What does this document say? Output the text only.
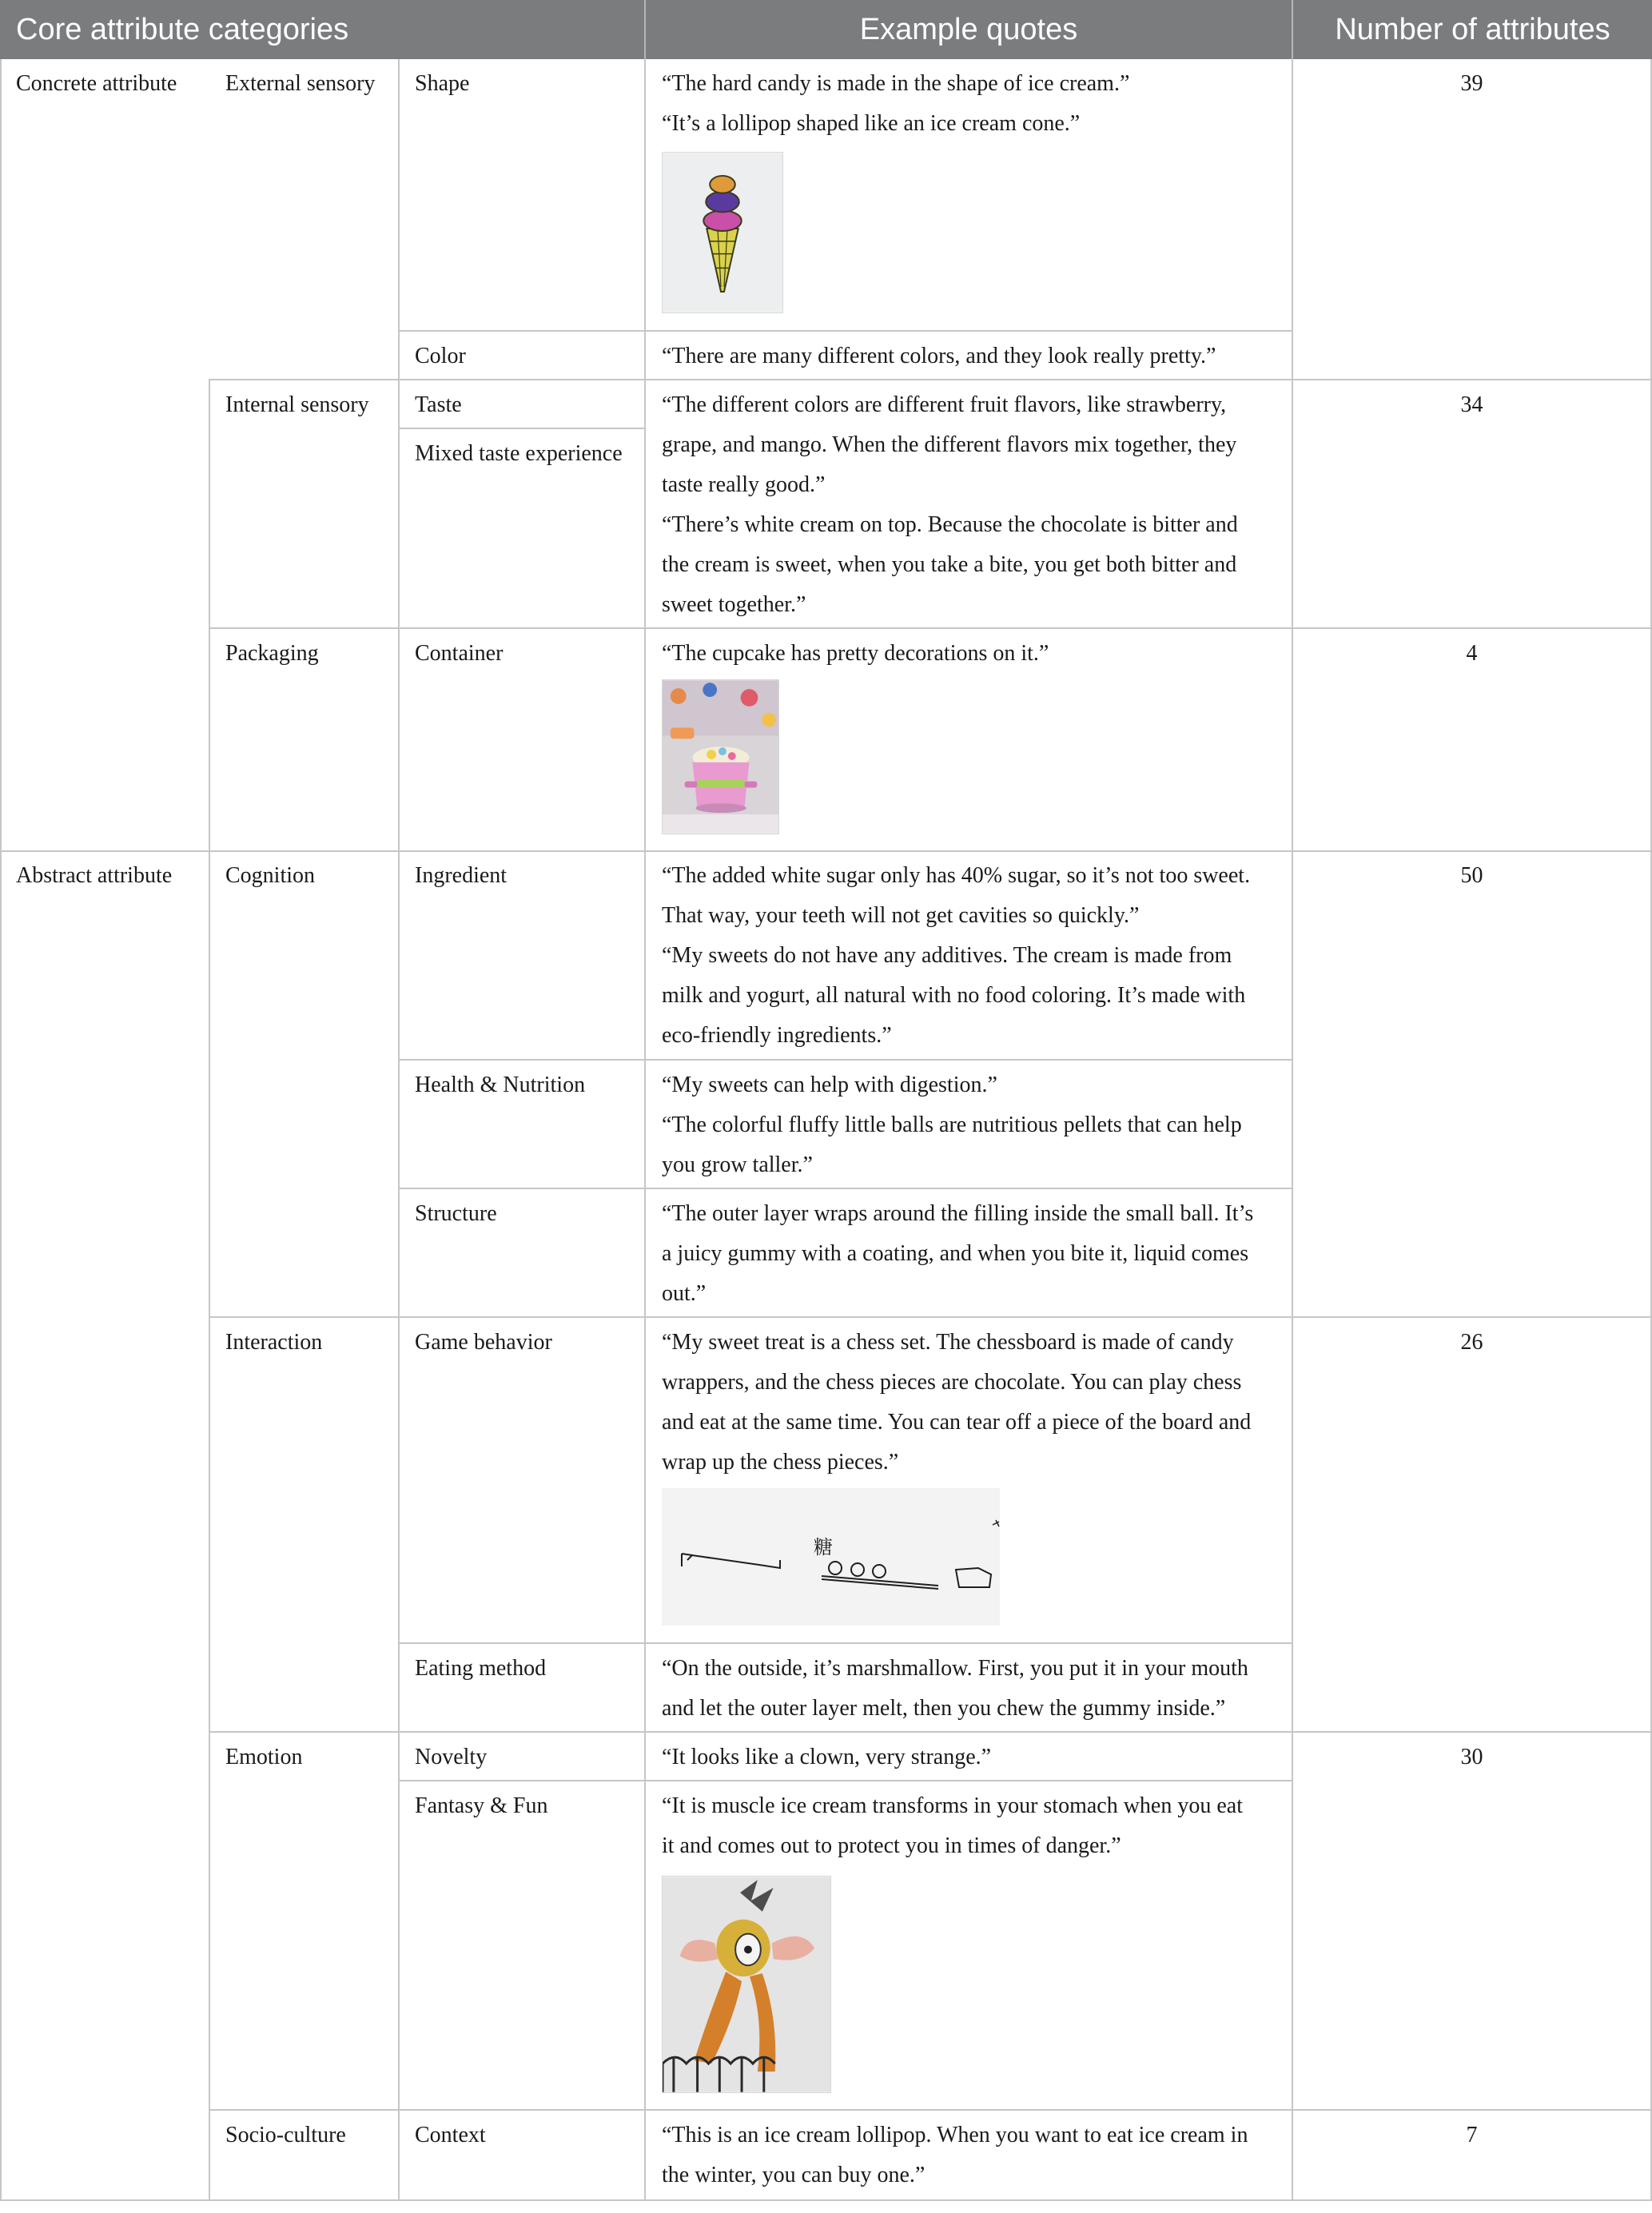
Core attribute categories	Example quotes	Number of attributes
Concrete attribute
Abstract attribute
External sensory
Internal sensory
Packaging
Cognition
Interaction
Emotion
Socio-culture
Shape
Color
Taste
Mixed taste experience
Container
Ingredient
Health & Nutrition
Structure
Game behavior
Eating method
Novelty
Fantasy & Fun
Context
“The hard candy is made in the shape of ice cream.”
“It’s a lollipop shaped like an ice cream cone.”
“There are many different colors, and they look really pretty.”
“The different colors are different fruit flavors, like strawberry,
grape, and mango. When the different flavors mix together, they
taste really good.”
“There’s white cream on top. Because the chocolate is bitter and
the cream is sweet, when you take a bite, you get both bitter and
sweet together.”
“The cupcake has pretty decorations on it.”
“The added white sugar only has 40% sugar, so it’s not too sweet.
That way, your teeth will not get cavities so quickly.”
“My sweets do not have any additives. The cream is made from
milk and yogurt, all natural with no food coloring. It’s made with
eco-friendly ingredients.”
“My sweets can help with digestion.”
“The colorful fluffy little balls are nutritious pellets that can help
you grow taller.”
“The outer layer wraps around the filling inside the small ball. It’s
a juicy gummy with a coating, and when you bite it, liquid comes
out.”
“My sweet treat is a chess set. The chessboard is made of candy
wrappers, and the chess pieces are chocolate. You can play chess
and eat at the same time. You can tear off a piece of the board and
wrap up the chess pieces.”
糖
“On the outside, it’s marshmallow. First, you put it in your mouth
and let the outer layer melt, then you chew the gummy inside.”
“It looks like a clown, very strange.”
“It is muscle ice cream transforms in your stomach when you eat
it and comes out to protect you in times of danger.”
“This is an ice cream lollipop. When you want to eat ice cream in
the winter, you can buy one.”
39
34
4
50
26
30
7
